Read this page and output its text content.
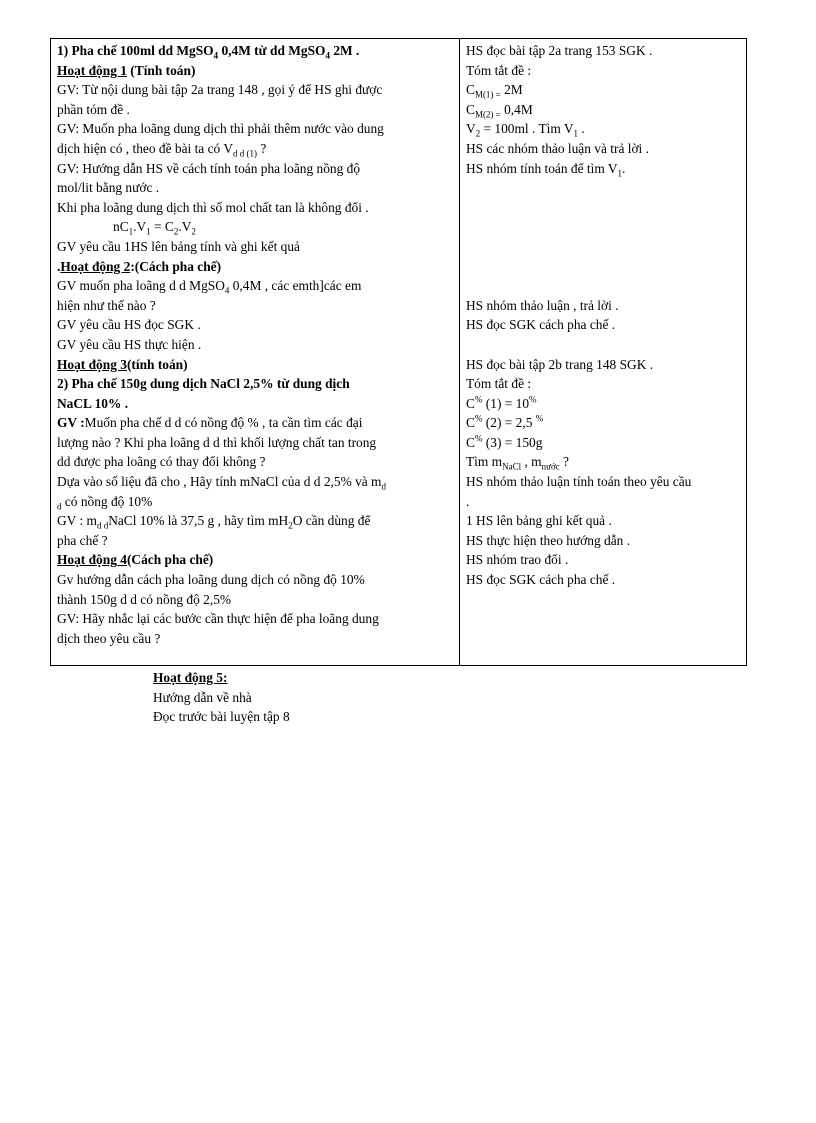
1) Pha chế 100ml dd MgSO$_4$ 0,4M từ dd MgSO$_4$ 2M .
Hoạt động 1 (Tính toán)
GV: Từ nội dung bài tập 2a trang 148 , gọi ý để HS ghi được
phần tóm đề .
GV: Muốn pha loãng dung dịch thì phải thêm nước vào dung
dịch hiện có , theo đề bài ta có $V_{d d (1)}$ ?
GV: Hướng dẫn HS về cách tính toán pha loãng nồng độ
mol/lit bằng nước .
Khi pha loãng dung dịch thì số mol chất tan là không đổi .
$nC_1.V_1 = C_2.V_2$
GV yêu cầu 1HS lên bảng tính và ghi kết quả
.Hoạt động 2:(Cách pha chế)
GV muốn pha loãng d d MgSO$_4$ 0,4M , các emth]các em
hiện như thế nào ?
GV yêu cầu HS đọc SGK .
GV yêu cầu HS thực hiện .
Hoạt động 3(tính toán)
2) Pha chế 150g dung dịch NaCl 2,5% từ dung dịch
NaCL 10% .
GV :Muốn pha chế d d có nồng độ % , ta cần tìm các đại
lượng nào ? Khi pha loãng d d thì khối lượng chất tan trong
dd được pha loãng có thay đổi không ?
Dựa vào số liệu đã cho , Hãy tính mNaCl của d d 2,5% và $m_d$
$_d$ có nồng độ 10%
GV : $m_{d d}NaCl$ 10% là 37,5 g , hãy tìm $mH_2O$ cần dùng để
pha chế ?
Hoạt động 4(Cách pha chế)
Gv hướng dẫn cách pha loãng dung dịch có nồng độ 10%
thành 150g d d có nồng độ 2,5%
GV: Hãy nhắc lại các bước cần thực hiện để pha loãng dung
dịch theo yêu cầu ?
HS đọc bài tập 2a trang 153 SGK .
Tóm tắt đề :
$C_{M(1) =}$ 2M
$C_{M(2) =}$ 0,4M
$V_2 = 100ml$ . Tìm $V_1$ .
HS các nhóm thảo luận và trả lời .
HS nhóm tính toán để tìm $V_1$.
HS nhóm thảo luận , trả lời .
HS đọc SGK cách pha chế .
HS đọc bài tập 2b trang 148 SGK .
Tóm tắt đề :
C% (1) = 10%
C% (2) = 2,5 %
C% (3) = 150g
Tìm $m_{NaCl}$ , $m_{nước}$ ?
HS nhóm thảo luận tính toán theo yêu cầu
.
1 HS lên bảng ghi kết quả .
HS thực hiện theo hướng dẫn .
HS nhóm trao đổi .
HS đọc SGK cách pha chế .
Hoạt động 5:
Hướng dẫn về nhà
Đọc trước bài luyện tập 8
